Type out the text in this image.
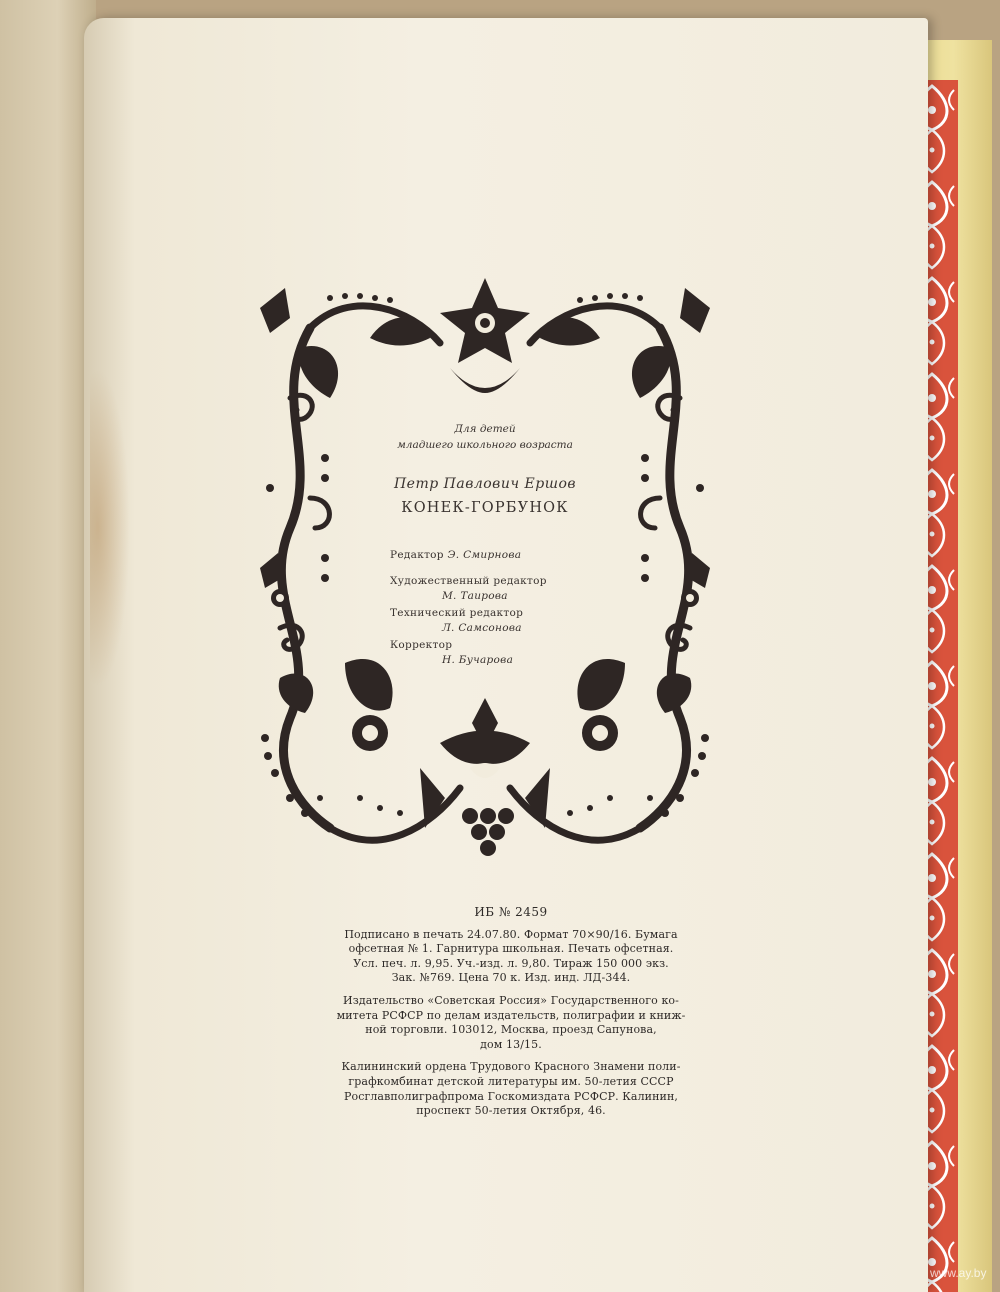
Для детей
младшего школьного возраста
Петр Павлович Ершов
КОНЕК-ГОРБУНОК
Редактор Э. Смирнова
Художественный редактор
М. Таирова
Технический редактор
Л. Самсонова
Корректор
Н. Бучарова

ИБ № 2459

Подписано в печать 24.07.80. Формат 70×90/16. Бумага
офсетная № 1. Гарнитура школьная. Печать офсетная.
Усл. печ. л. 9,95. Уч.-изд. л. 9,80. Тираж 150 000 экз.
Зак. №769. Цена 70 к. Изд. инд. ЛД-344.

Издательство «Советская Россия» Государственного ко-
митета РСФСР по делам издательств, полиграфии и книж-
ной торговли. 103012, Москва, проезд Сапунова,
дом 13/15.

Калининский ордена Трудового Красного Знамени поли-
графкомбинат детской литературы им. 50-летия СССР
Росглавполиграфпрома Госкомиздата РСФСР. Калинин,
проспект 50-летия Октября, 46.

www.ay.by
